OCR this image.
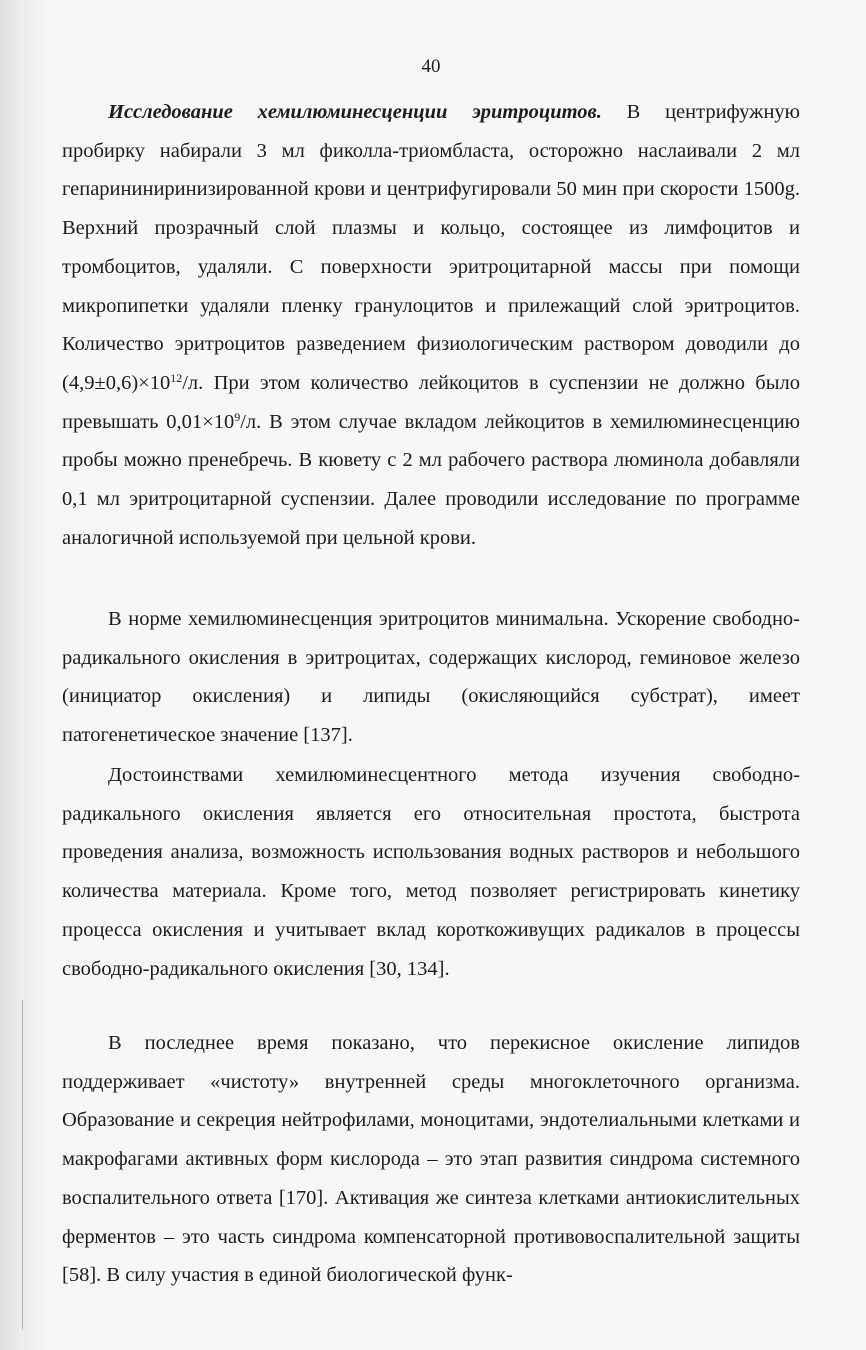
40

Исследование хемилюминесценции эритроцитов. В центрифужную пробирку набирали 3 мл фиколла-триомбласта, осторожно наслаивали 2 мл гепарининиринизированной крови и центрифугировали 50 мин при скорости 1500g. Верхний прозрачный слой плазмы и кольцо, состоящее из лимфоцитов и тромбоцитов, удаляли. С поверхности эритроцитарной массы при помощи микропипетки удаляли пленку гранулоцитов и прилежащий слой эритроцитов. Количество эритроцитов разведением физиологическим раствором доводили до $(4,9\pm 0,6)\times 10^{12}/л$. При этом количество лейкоцитов в суспензии не должно было превышать $0,01\times 10^9/л$. В этом случае вкладом лейкоцитов в хемилюминесценцию пробы можно пренебречь. В кювету с 2 мл рабочего раствора люминола добавляли 0,1 мл эритроцитарной суспензии. Далее проводили исследование по программе аналогичной используемой при цельной крови.

В норме хемилюминесценция эритроцитов минимальна. Ускорение свободно-радикального окисления в эритроцитах, содержащих кислород, геминовое железо (инициатор окисления) и липиды (окисляющийся субстрат), имеет патогенетическое значение [137].

Достоинствами хемилюминесцентного метода изучения свободно-радикального окисления является его относительная простота, быстрота проведения анализа, возможность использования водных растворов и небольшого количества материала. Кроме того, метод позволяет регистрировать кинетику процесса окисления и учитывает вклад короткоживущих радикалов в процессы свободно-радикального окисления [30, 134].

В последнее время показано, что перекисное окисление липидов поддерживает «чистоту» внутренней среды многоклеточного организма. Образование и секреция нейтрофилами, моноцитами, эндотелиальными клетками и макрофагами активных форм кислорода – это этап развития синдрома системного воспалительного ответа [170]. Активация же синтеза клетками антиокислительных ферментов – это часть синдрома компенсаторной противовоспалительной защиты [58]. В силу участия в единой биологической функ-
